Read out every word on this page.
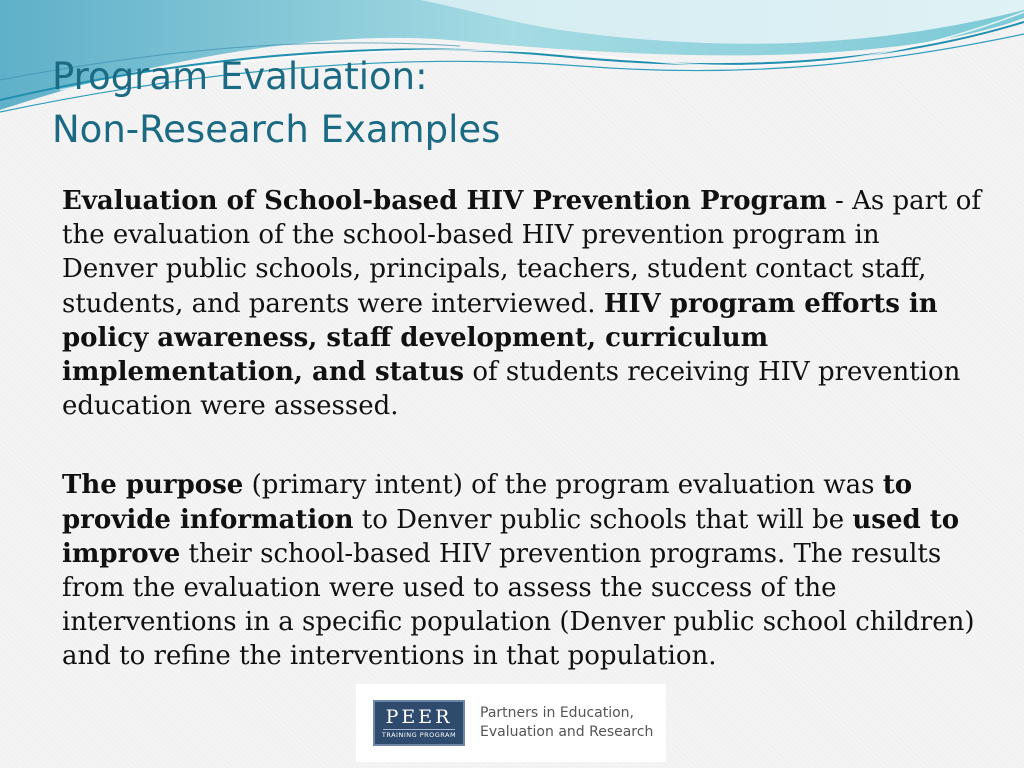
Program Evaluation:
Non-Research Examples

Evaluation of School-based HIV Prevention Program - As part of the evaluation of the school-based HIV prevention program in Denver public schools, principals, teachers, student contact staff, students, and parents were interviewed. HIV program efforts in policy awareness, staff development, curriculum implementation, and status of students receiving HIV prevention education were assessed.

The purpose (primary intent) of the program evaluation was to provide information to Denver public schools that will be used to improve their school-based HIV prevention programs. The results from the evaluation were used to assess the success of the interventions in a specific population (Denver public school children) and to refine the interventions in that population.

PEER
TRAINING PROGRAM
Partners in Education,
Evaluation and Research
